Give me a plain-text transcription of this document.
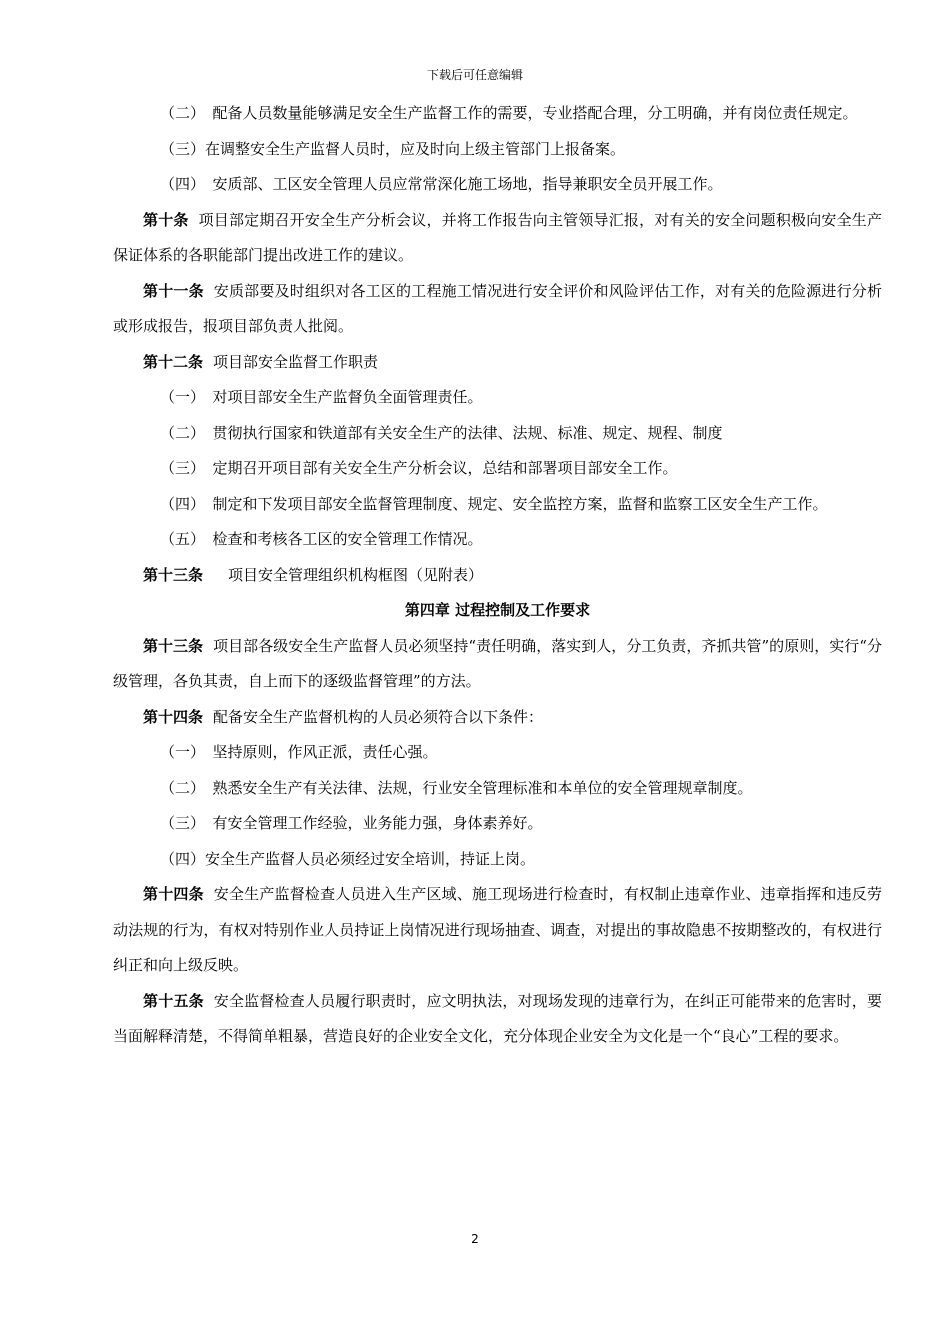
下载后可任意编辑

（二）　配备人员数量能够满足安全生产监督工作的需要，专业搭配合理，分工明确，并有岗位责任规定。

（三）在调整安全生产监督人员时，应及时向上级主管部门上报备案。

（四）　安质部、工区安全管理人员应常常深化施工场地，指导兼职安全员开展工作。

第十条 项目部定期召开安全生产分析会议，并将工作报告向主管领导汇报，对有关的安全问题积极向安全生产保证体系的各职能部门提出改进工作的建议。

第十一条 安质部要及时组织对各工区的工程施工情况进行安全评价和风险评估工作，对有关的危险源进行分析或形成报告，报项目部负责人批阅。

第十二条 项目部安全监督工作职责

（一）　对项目部安全生产监督负全面管理责任。

（二）　贯彻执行国家和铁道部有关安全生产的法律、法规、标准、规定、规程、制度

（三）　定期召开项目部有关安全生产分析会议，总结和部署项目部安全工作。

（四）　制定和下发项目部安全监督管理制度、规定、安全监控方案，监督和监察工区安全生产工作。

（五）　检查和考核各工区的安全管理工作情况。

第十三条　项目安全管理组织机构框图（见附表）

第四章 过程控制及工作要求

第十三条 项目部各级安全生产监督人员必须坚持“责任明确，落实到人，分工负责，齐抓共管”的原则，实行“分级管理，各负其责，自上而下的逐级监督管理”的方法。

第十四条 配备安全生产监督机构的人员必须符合以下条件：

（一）　坚持原则，作风正派，责任心强。

（二）　熟悉安全生产有关法律、法规，行业安全管理标准和本单位的安全管理规章制度。

（三）　有安全管理工作经验，业务能力强，身体素养好。

（四）安全生产监督人员必须经过安全培训，持证上岗。

第十四条 安全生产监督检查人员进入生产区域、施工现场进行检查时，有权制止违章作业、违章指挥和违反劳动法规的行为，有权对特别作业人员持证上岗情况进行现场抽查、调查，对提出的事故隐患不按期整改的，有权进行纠正和向上级反映。

第十五条 安全监督检查人员履行职责时，应文明执法，对现场发现的违章行为，在纠正可能带来的危害时，要当面解释清楚，不得简单粗暴，营造良好的企业安全文化，充分体现企业安全为文化是一个“良心”工程的要求。

2
